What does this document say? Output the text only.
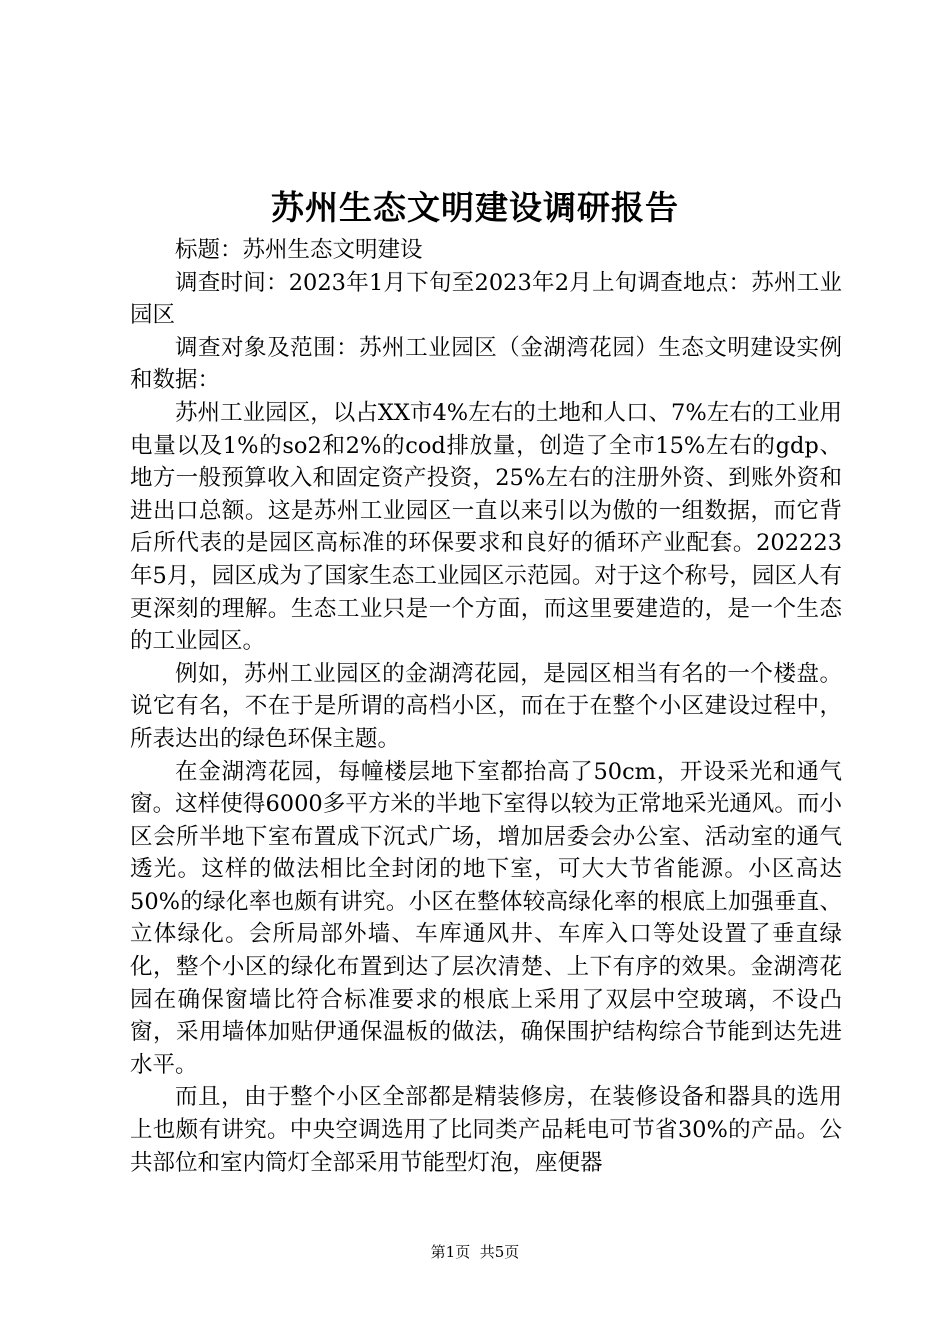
苏州生态文明建设调研报告

标题：苏州生态文明建设

调查时间：2023年1月下旬至2023年2月上旬调查地点：苏州工业园区

调查对象及范围：苏州工业园区（金湖湾花园）生态文明建设实例和数据：

苏州工业园区，以占XX市4%左右的土地和人口、7%左右的工业用电量以及1%的so2和2%的cod排放量，创造了全市15%左右的gdp、地方一般预算收入和固定资产投资，25%左右的注册外资、到账外资和进出口总额。这是苏州工业园区一直以来引以为傲的一组数据，而它背后所代表的是园区高标准的环保要求和良好的循环产业配套。202223年5月，园区成为了国家生态工业园区示范园。对于这个称号，园区人有更深刻的理解。生态工业只是一个方面，而这里要建造的，是一个生态的工业园区。

例如，苏州工业园区的金湖湾花园，是园区相当有名的一个楼盘。说它有名，不在于是所谓的高档小区，而在于在整个小区建设过程中，所表达出的绿色环保主题。

在金湖湾花园，每幢楼层地下室都抬高了50cm，开设采光和通气窗。这样使得6000多平方米的半地下室得以较为正常地采光通风。而小区会所半地下室布置成下沉式广场，增加居委会办公室、活动室的通气透光。这样的做法相比全封闭的地下室，可大大节省能源。小区高达50%的绿化率也颇有讲究。小区在整体较高绿化率的根底上加强垂直、立体绿化。会所局部外墙、车库通风井、车库入口等处设置了垂直绿化，整个小区的绿化布置到达了层次清楚、上下有序的效果。金湖湾花园在确保窗墙比符合标准要求的根底上采用了双层中空玻璃，不设凸窗，采用墙体加贴伊通保温板的做法，确保围护结构综合节能到达先进水平。

而且，由于整个小区全部都是精装修房，在装修设备和器具的选用上也颇有讲究。中央空调选用了比同类产品耗电可节省30%的产品。公共部位和室内筒灯全部采用节能型灯泡，座便器

第1页 共5页
